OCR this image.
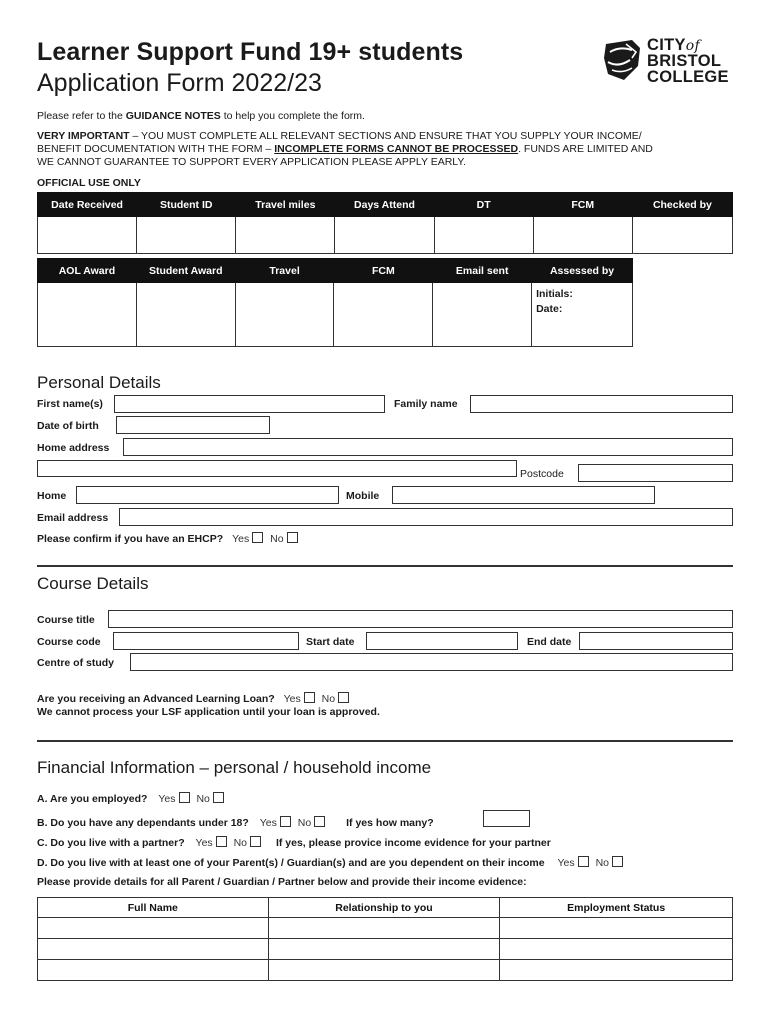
Learner Support Fund 19+ students
Application Form 2022/23
CITYof
BRISTOL
COLLEGE
Please refer to the GUIDANCE NOTES to help you complete the form.
VERY IMPORTANT – YOU MUST COMPLETE ALL RELEVANT SECTIONS AND ENSURE THAT YOU SUPPLY YOUR INCOME/
BENEFIT DOCUMENTATION WITH THE FORM – INCOMPLETE FORMS CANNOT BE PROCESSED. FUNDS ARE LIMITED AND
WE CANNOT GUARANTEE TO SUPPORT EVERY APPLICATION PLEASE APPLY EARLY.
OFFICIAL USE ONLY
Date Received	Student ID	Travel miles	Days Attend	DT	FCM	Checked by

AOL Award	Student Award	Travel	FCM	Email sent	Assessed by

					Initials:
Date:
Personal Details
First name(s)	Family name
Date of birth
Home address
Postcode
Home	Mobile
Email address
Please confirm if you have an EHCP? Yes No
Course Details
Course title
Course code	Start date	End date
Centre of study
Are you receiving an Advanced Learning Loan? Yes No
We cannot process your LSF application until your loan is approved.
Financial Information – personal / household income
A. Are you employed? Yes No
B. Do you have any dependants under 18? Yes No	If yes how many?
C. Do you live with a partner? Yes No	If yes, please provice income evidence for your partner
D. Do you live with at least one of your Parent(s) / Guardian(s) and are you dependent on their income Yes No
Please provide details for all Parent / Guardian / Partner below and provide their income evidence:
Full Name	Relationship to you	Employment Status
